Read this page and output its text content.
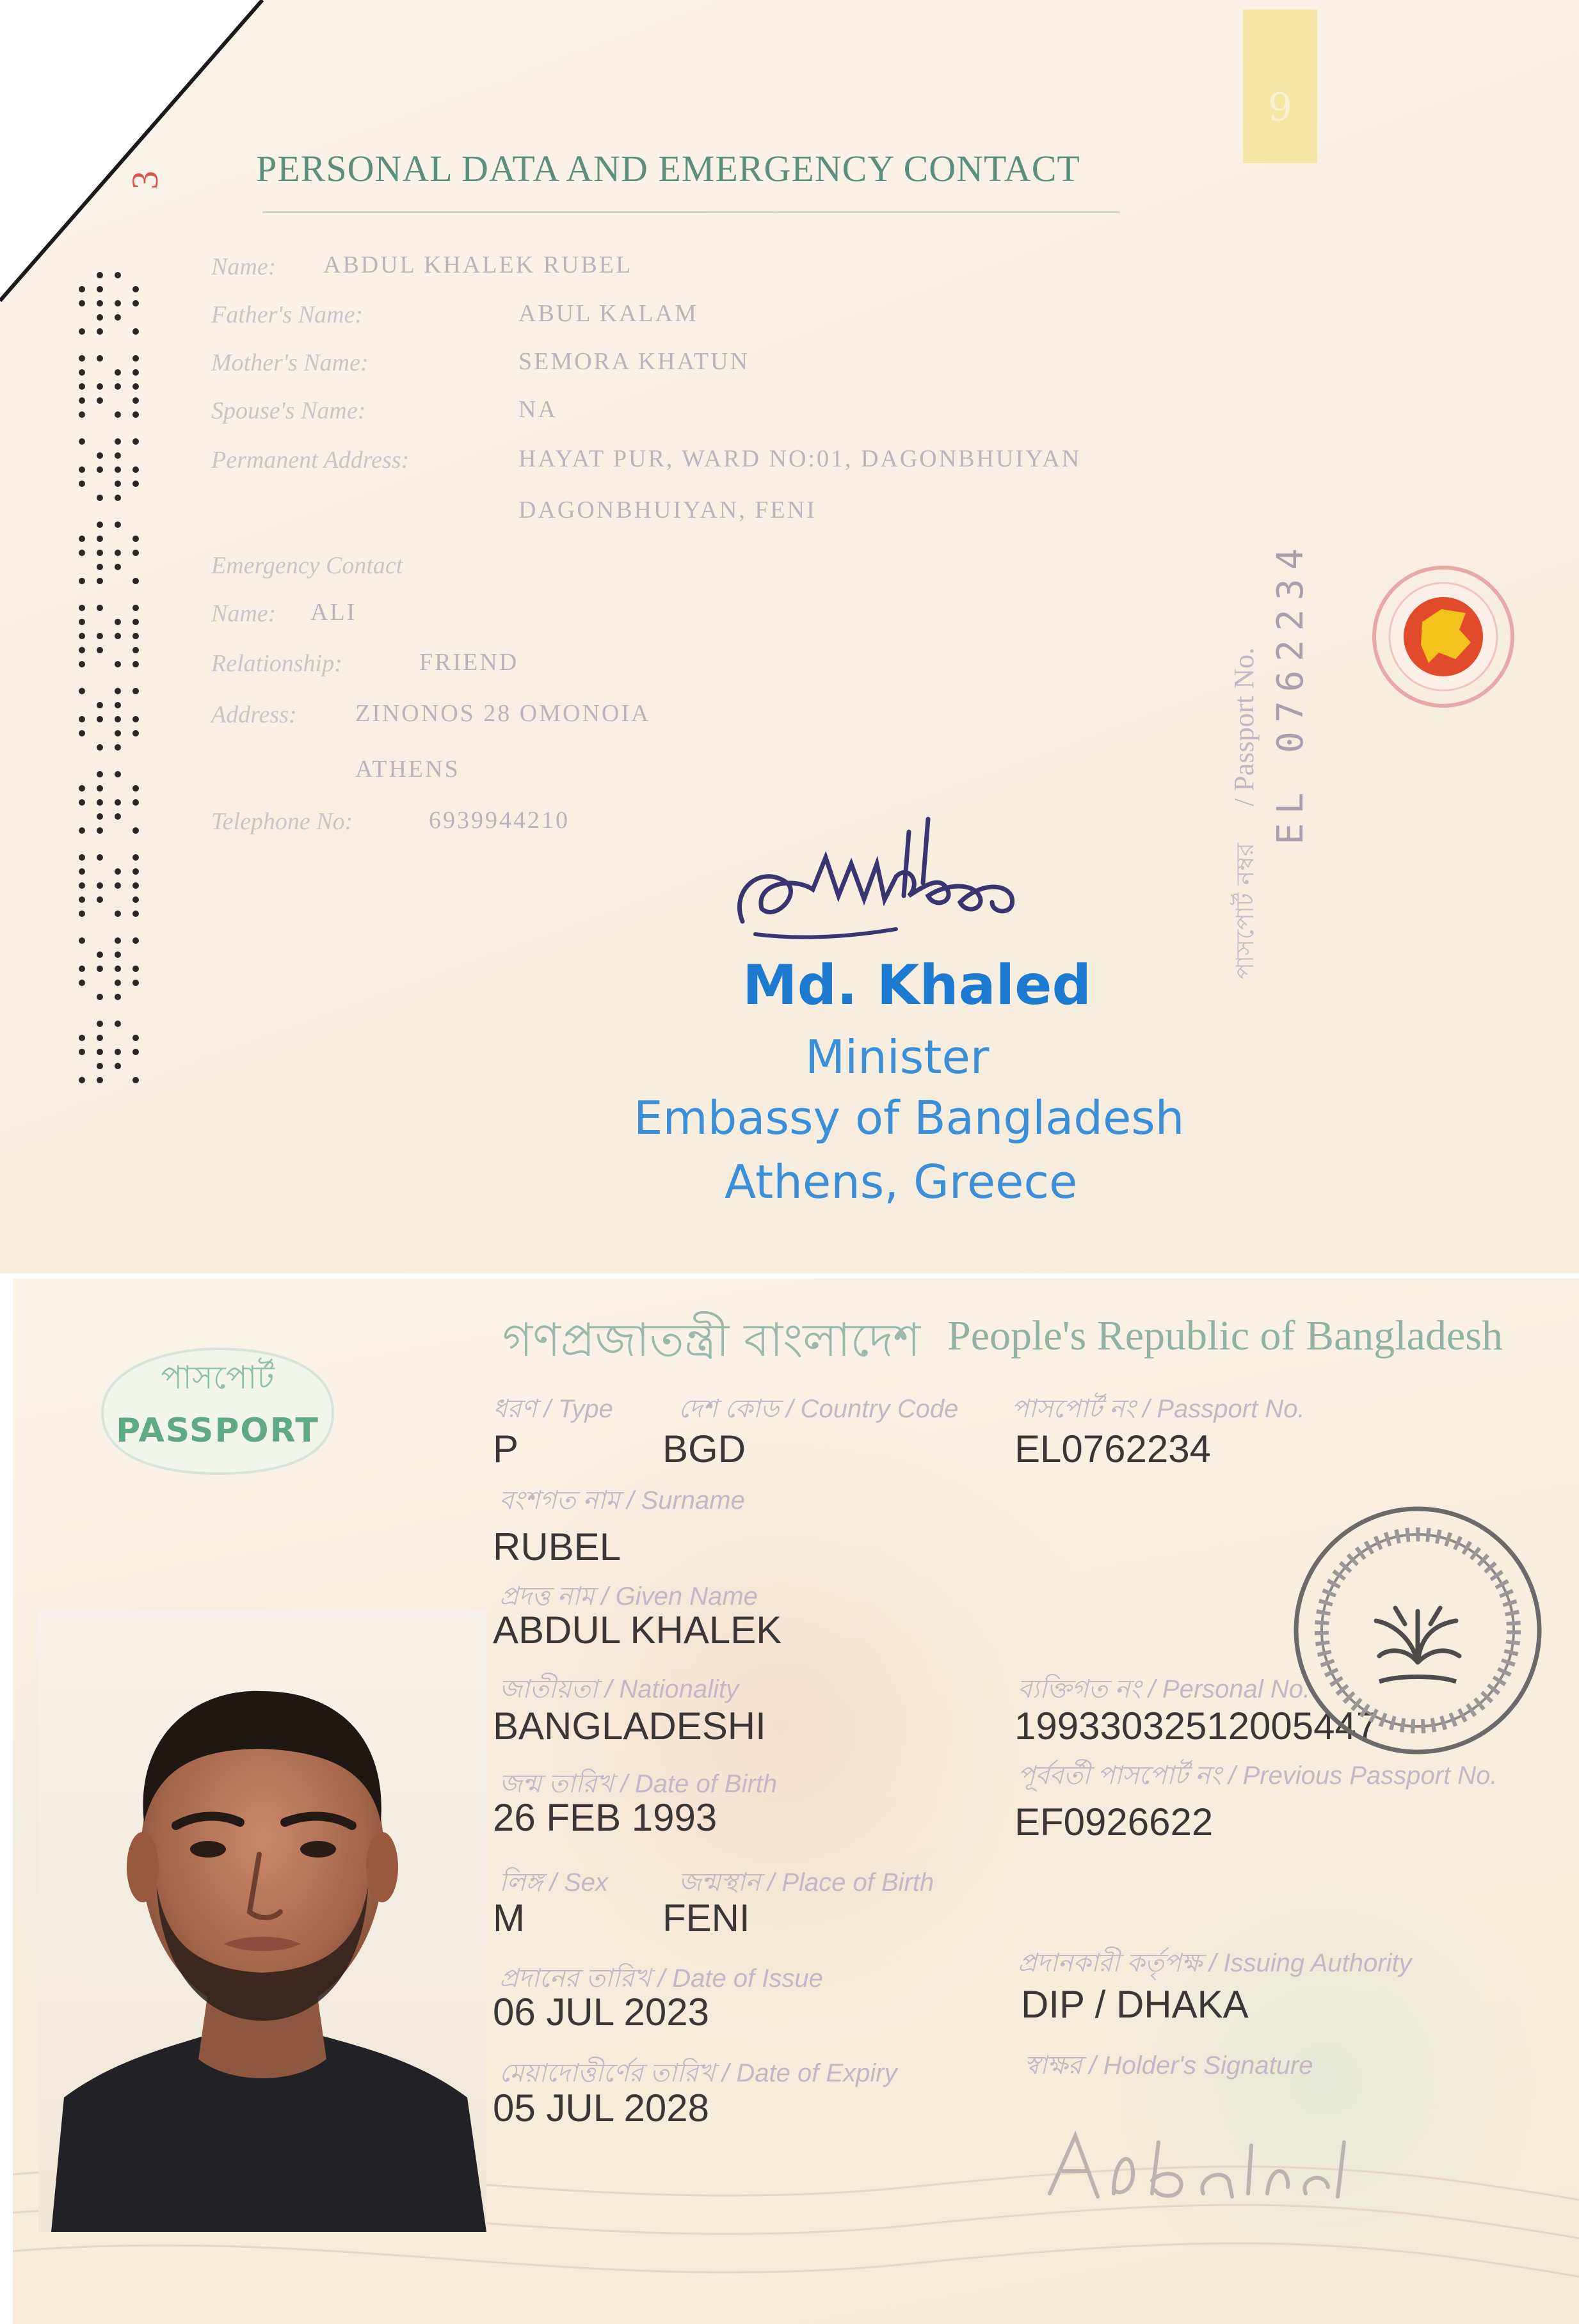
9
3 PERSONAL DATA AND EMERGENCY CONTACT
Name: ABDUL KHALEK RUBEL
Father's Name:	ABUL KALAM
Mother's Name:	SEMORA KHATUN
Spouse's Name:	NA
Permanent Address:	HAYAT PUR, WARD NO:01, DAGONBHUIYAN
DAGONBHUIYAN, FENI
Emergency Contact
Name: ALI
Relationship:	FRIEND
Address: ZINONOS 28 OMONOIA
ATHENS
Telephone No:	6939944210
পাসপোর্ট নম্বর
/ Passport No. EL 0762234
Md. Khaled
Minister
Embassy of Bangladesh
Athens, Greece
পাসপোর্ট
PASSPORT
গণপ্রজাতন্ত্রী বাংলাদেশ People's Republic of Bangladesh
ধরণ / Type
P
দেশ কোড / Country Code
BGD
বংশগত নাম / Surname
RUBEL
প্রদত্ত নাম / Given Name
ABDUL KHALEK
জাতীয়তা / Nationality
BANGLADESHI
জন্ম তারিখ / Date of Birth
26 FEB 1993
লিঙ্গ / Sex
M
জন্মস্থান / Place of Birth
FENI
প্রদানের তারিখ / Date of Issue
06 JUL 2023
মেয়াদোত্তীর্ণের তারিখ / Date of Expiry
05 JUL 2028
পাসপোর্ট নং / Passport No.
EL0762234
ব্যক্তিগত নং / Personal No.
19933032512005447
পূর্ববর্তী পাসপোর্ট নং / Previous Passport No.
EF0926622
প্রদানকারী কর্তৃপক্ষ / Issuing Authority
DIP / DHAKA
স্বাক্ষর / Holder's Signature
